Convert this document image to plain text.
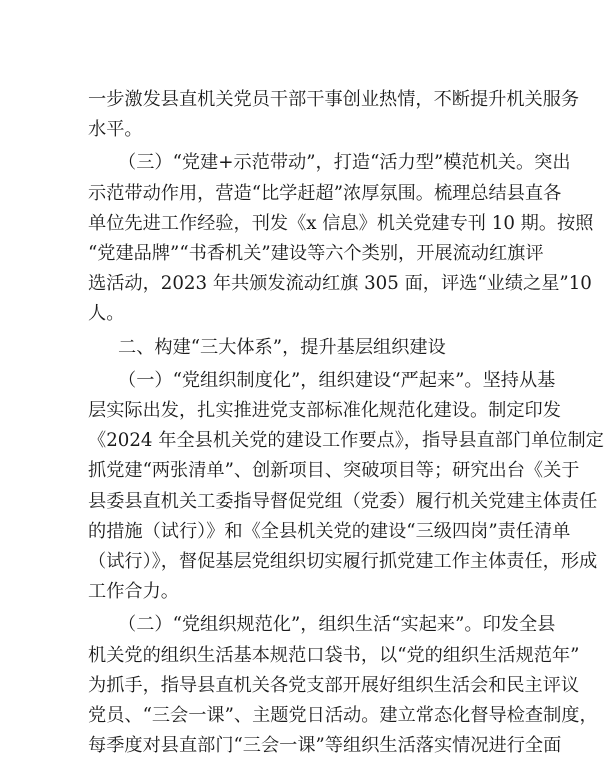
一步激发县直机关党员干部干事创业热情，不断提升机关服务
水平。
（三）“党建+示范带动”，打造“活力型”模范机关。突出
示范带动作用，营造“比学赶超”浓厚氛围。梳理总结县直各
单位先进工作经验，刊发《x 信息》机关党建专刊 10 期。按照
“党建品牌”“书香机关”建设等六个类别，开展流动红旗评
选活动，2023 年共颁发流动红旗 305 面，评选“业绩之星”10
人。
二、构建“三大体系”，提升基层组织建设
（一）“党组织制度化”，组织建设“严起来”。坚持从基
层实际出发，扎实推进党支部标准化规范化建设。制定印发
《2024 年全县机关党的建设工作要点》，指导县直部门单位制定
抓党建“两张清单”、创新项目、突破项目等；研究出台《关于
县委县直机关工委指导督促党组（党委）履行机关党建主体责任
的措施（试行）》和《全县机关党的建设“三级四岗”责任清单
（试行）》，督促基层党组织切实履行抓党建工作主体责任，形成
工作合力。
（二）“党组织规范化”，组织生活“实起来”。印发全县
机关党的组织生活基本规范口袋书，以“党的组织生活规范年”
为抓手，指导县直机关各党支部开展好组织生活会和民主评议
党员、“三会一课”、主题党日活动。建立常态化督导检查制度，
每季度对县直部门“三会一课”等组织生活落实情况进行全面
